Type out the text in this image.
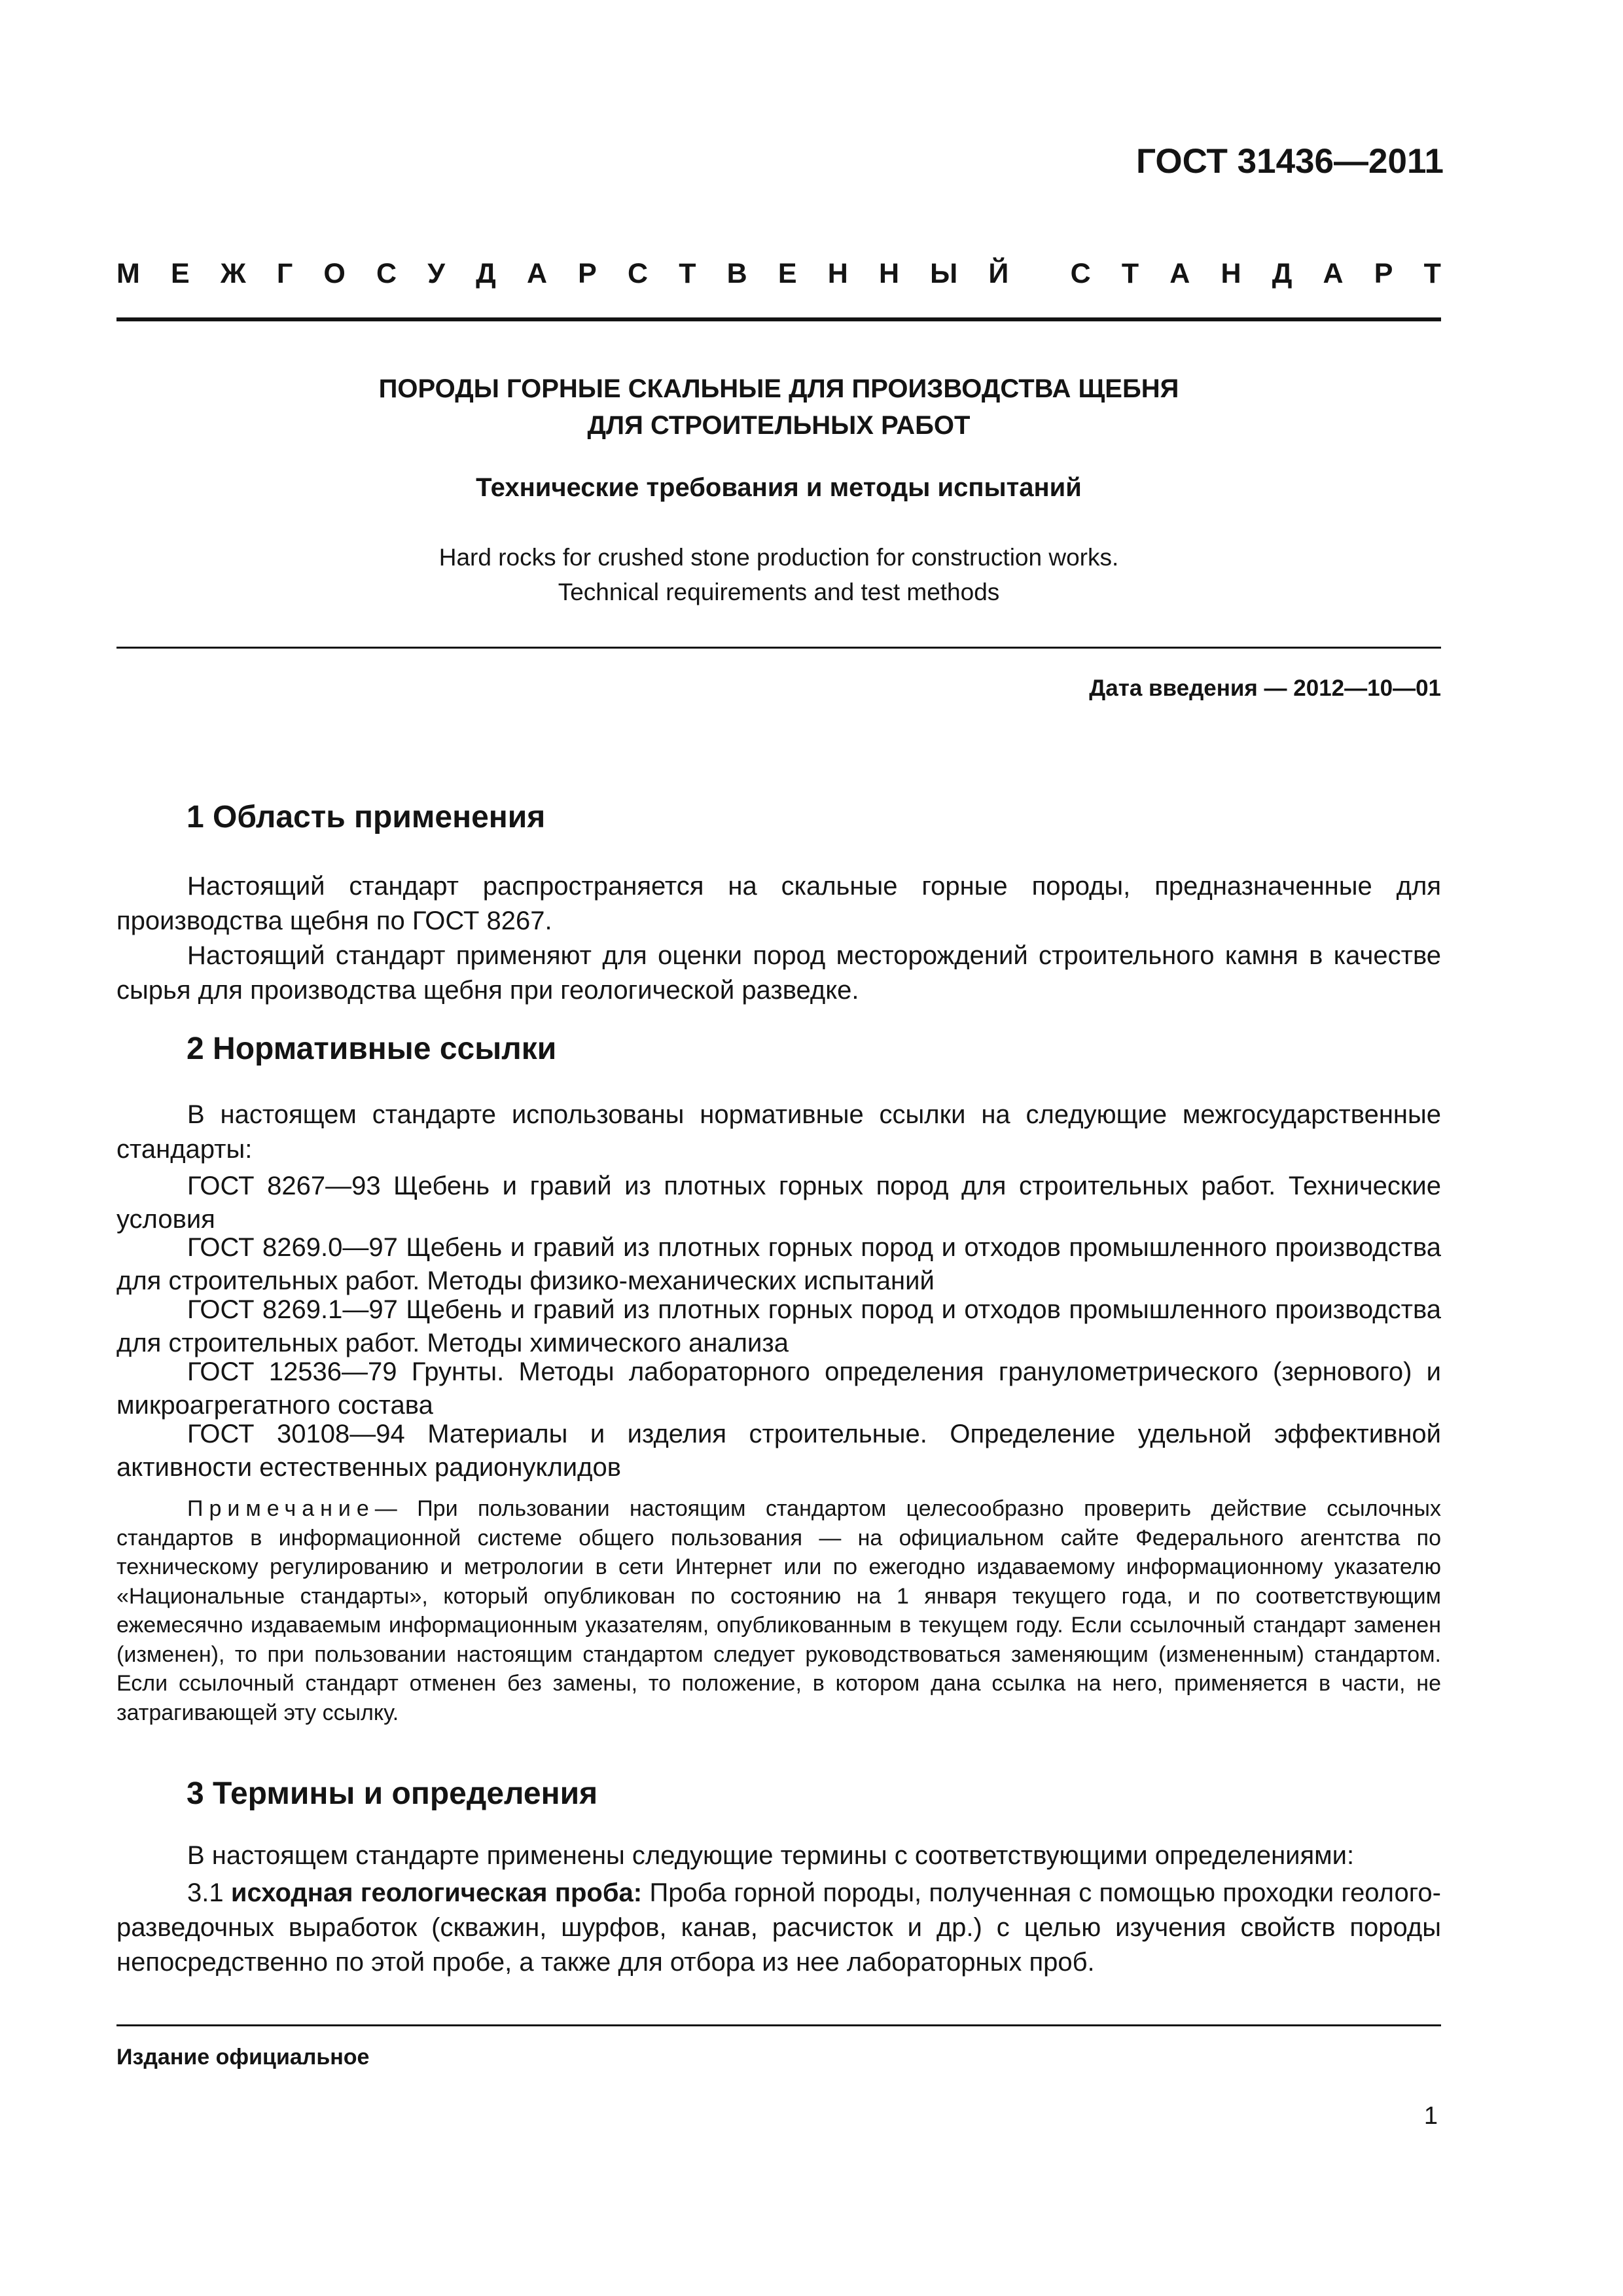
ГОСТ 31436—2011
М Е Ж Г О С У Д А Р С Т В Е Н Н Ы Й С Т А Н Д А Р Т
ПОРОДЫ ГОРНЫЕ СКАЛЬНЫЕ ДЛЯ ПРОИЗВОДСТВА ЩЕБНЯ
ДЛЯ СТРОИТЕЛЬНЫХ РАБОТ
Технические требования и методы испытаний
Hard rocks for crushed stone production for construction works.
Technical requirements and test methods
Дата введения — 2012—10—01
1 Область применения
Настоящий стандарт распространяется на скальные горные породы, предназначенные для производства щебня по ГОСТ 8267.
Настоящий стандарт применяют для оценки пород месторождений строительного камня в качестве сырья для производства щебня при геологической разведке.
2 Нормативные ссылки
В настоящем стандарте использованы нормативные ссылки на следующие межгосударственные стандарты:
ГОСТ 8267—93 Щебень и гравий из плотных горных пород для строительных работ. Технические условия
ГОСТ 8269.0—97 Щебень и гравий из плотных горных пород и отходов промышленного производства для строительных работ. Методы физико-механических испытаний
ГОСТ 8269.1—97 Щебень и гравий из плотных горных пород и отходов промышленного производства для строительных работ. Методы химического анализа
ГОСТ 12536—79 Грунты. Методы лабораторного определения гранулометрического (зернового) и микроагрегатного состава
ГОСТ 30108—94 Материалы и изделия строительные. Определение удельной эффективной активности естественных радионуклидов
Примечание— При пользовании настоящим стандартом целесообразно проверить действие ссылочных стандартов в информационной системе общего пользования — на официальном сайте Федерального агентства по техническому регулированию и метрологии в сети Интернет или по ежегодно издаваемому информационному указателю «Национальные стандарты», который опубликован по состоянию на 1 января текущего года, и по соответствующим ежемесячно издаваемым информационным указателям, опубликованным в текущем году. Если ссылочный стандарт заменен (изменен), то при пользовании настоящим стандартом следует руководствоваться заменяющим (измененным) стандартом. Если ссылочный стандарт отменен без замены, то положение, в котором дана ссылка на него, применяется в части, не затрагивающей эту ссылку.
3 Термины и определения
В настоящем стандарте применены следующие термины с соответствующими определениями:
3.1 исходная геологическая проба: Проба горной породы, полученная с помощью проходки геолого-разведочных выработок (скважин, шурфов, канав, расчисток и др.) с целью изучения свойств породы непосредственно по этой пробе, а также для отбора из нее лабораторных проб.
Издание официальное
1
